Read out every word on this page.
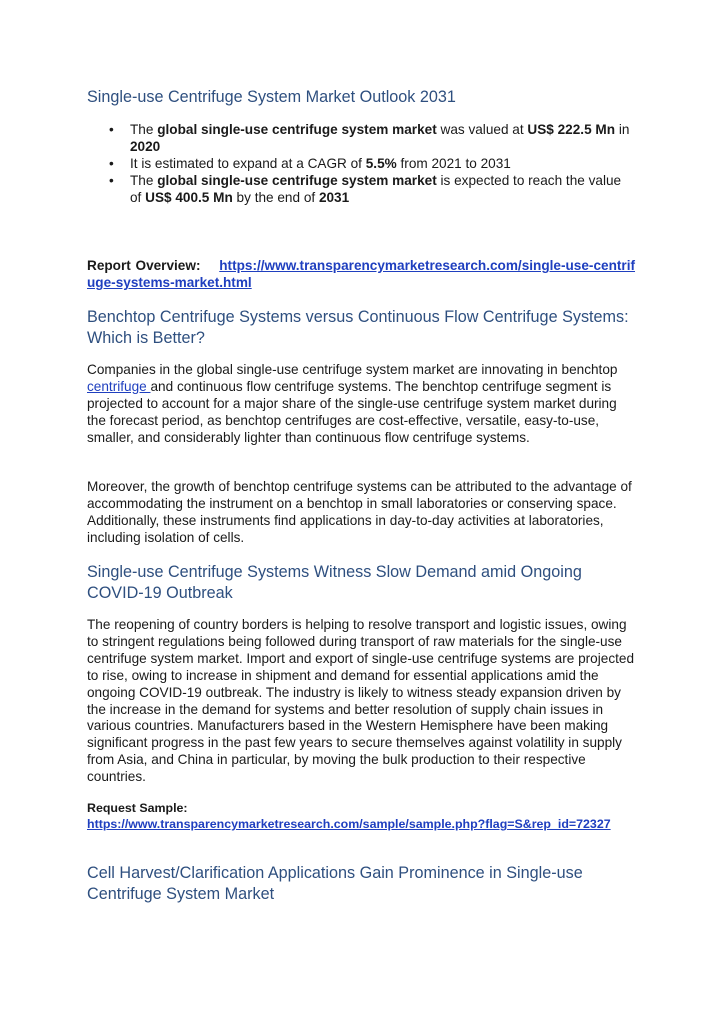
Single-use Centrifuge System Market Outlook 2031
• The global single-use centrifuge system market was valued at US$ 222.5 Mn in 2020
• It is estimated to expand at a CAGR of 5.5% from 2021 to 2031
• The global single-use centrifuge system market is expected to reach the value of US$ 400.5 Mn by the end of 2031

Report Overview: https://www.transparencymarketresearch.com/single-use-centrifuge-systems-market.html

Benchtop Centrifuge Systems versus Continuous Flow Centrifuge Systems: Which is Better?

Companies in the global single-use centrifuge system market are innovating in benchtop centrifuge and continuous flow centrifuge systems. The benchtop centrifuge segment is projected to account for a major share of the single-use centrifuge system market during the forecast period, as benchtop centrifuges are cost-effective, versatile, easy-to-use, smaller, and considerably lighter than continuous flow centrifuge systems.

Moreover, the growth of benchtop centrifuge systems can be attributed to the advantage of accommodating the instrument on a benchtop in small laboratories or conserving space. Additionally, these instruments find applications in day-to-day activities at laboratories, including isolation of cells.

Single-use Centrifuge Systems Witness Slow Demand amid Ongoing COVID-19 Outbreak

The reopening of country borders is helping to resolve transport and logistic issues, owing to stringent regulations being followed during transport of raw materials for the single-use centrifuge system market. Import and export of single-use centrifuge systems are projected to rise, owing to increase in shipment and demand for essential applications amid the ongoing COVID-19 outbreak. The industry is likely to witness steady expansion driven by the increase in the demand for systems and better resolution of supply chain issues in various countries. Manufacturers based in the Western Hemisphere have been making significant progress in the past few years to secure themselves against volatility in supply from Asia, and China in particular, by moving the bulk production to their respective countries.

Request Sample:
https://www.transparencymarketresearch.com/sample/sample.php?flag=S&rep_id=72327

Cell Harvest/Clarification Applications Gain Prominence in Single-use Centrifuge System Market
